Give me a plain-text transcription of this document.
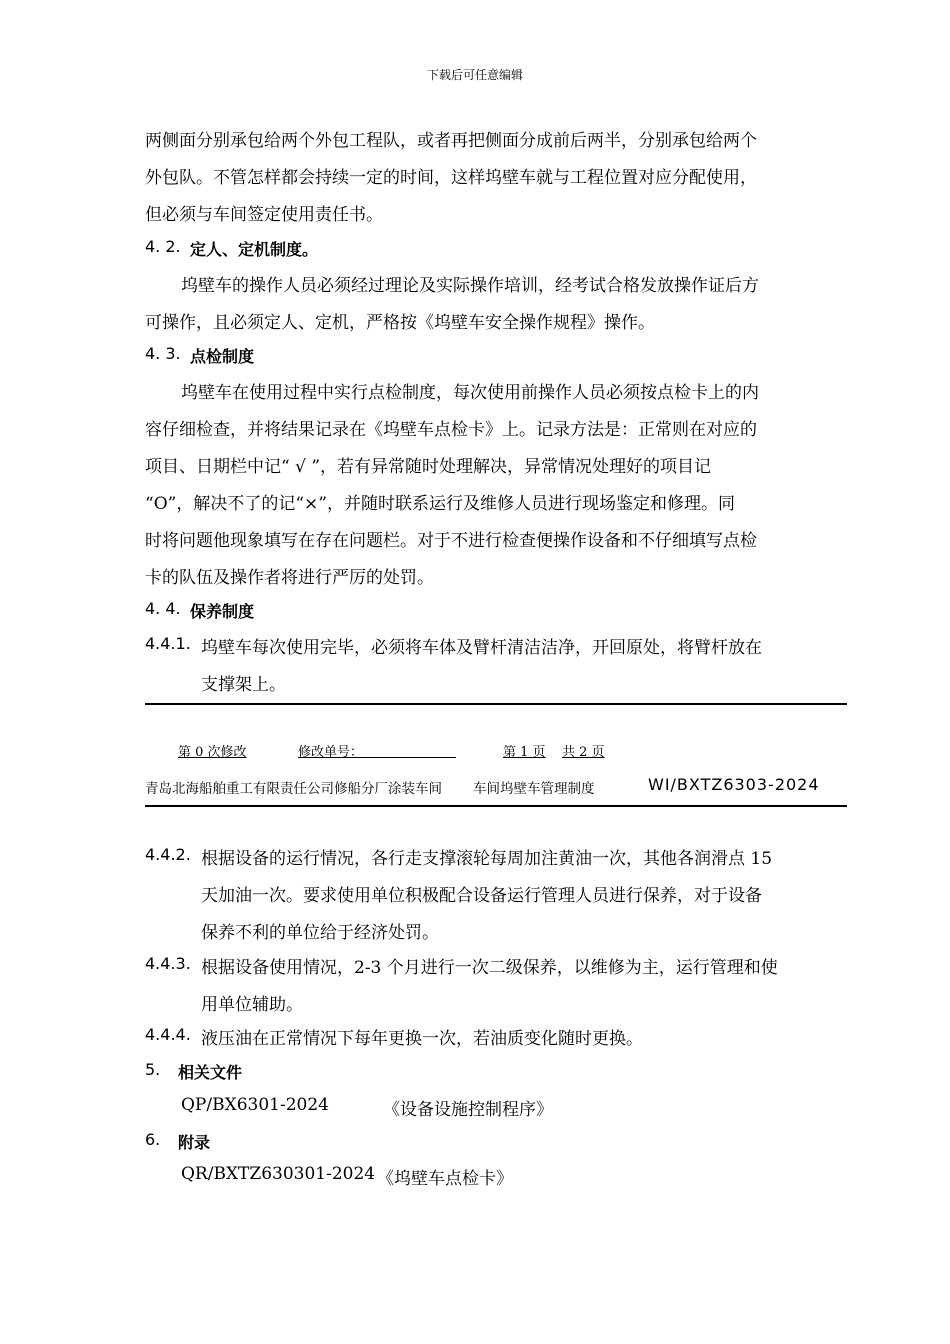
下载后可任意编辑
两侧面分别承包给两个外包工程队，或者再把侧面分成前后两半，分别承包给两个
外包队。不管怎样都会持续一定的时间，这样坞壁车就与工程位置对应分配使用，
但必须与车间签定使用责任书。
4. 2. 定人、定机制度。
坞壁车的操作人员必须经过理论及实际操作培训，经考试合格发放操作证后方
可操作，且必须定人、定机，严格按《坞壁车安全操作规程》操作。
4. 3. 点检制度
坞壁车在使用过程中实行点检制度，每次使用前操作人员必须按点检卡上的内
容仔细检查，并将结果记录在《坞壁车点检卡》上。记录方法是：正常则在对应的
项目、日期栏中记“ √ ”，若有异常随时处理解决，异常情况处理好的项目记
“O”，解决不了的记“×”，并随时联系运行及维修人员进行现场鉴定和修理。同
时将问题他现象填写在存在问题栏。对于不进行检查便操作设备和不仔细填写点检
卡的队伍及操作者将进行严厉的处罚。
4. 4. 保养制度
4.4.1. 坞壁车每次使用完毕，必须将车体及臂杆清洁洁净，开回原处，将臂杆放在
支撑架上。
第 0 次修改	修改单号：	第 1 页 共 2 页
青岛北海船舶重工有限责任公司修船分厂涂装车间 车间坞壁车管理制度	WI/BXTZ6303-2024
4.4.2. 根据设备的运行情况，各行走支撑滚轮每周加注黄油一次，其他各润滑点 15
天加油一次。要求使用单位积极配合设备运行管理人员进行保养，对于设备
保养不利的单位给于经济处罚。
4.4.3. 根据设备使用情况，2-3 个月进行一次二级保养，以维修为主，运行管理和使
用单位辅助。
4.4.4. 液压油在正常情况下每年更换一次，若油质变化随时更换。
5. 相关文件
QP/BX6301-2024	《设备设施控制程序》
6. 附录
QR/BXTZ630301-2024 《坞壁车点检卡》
